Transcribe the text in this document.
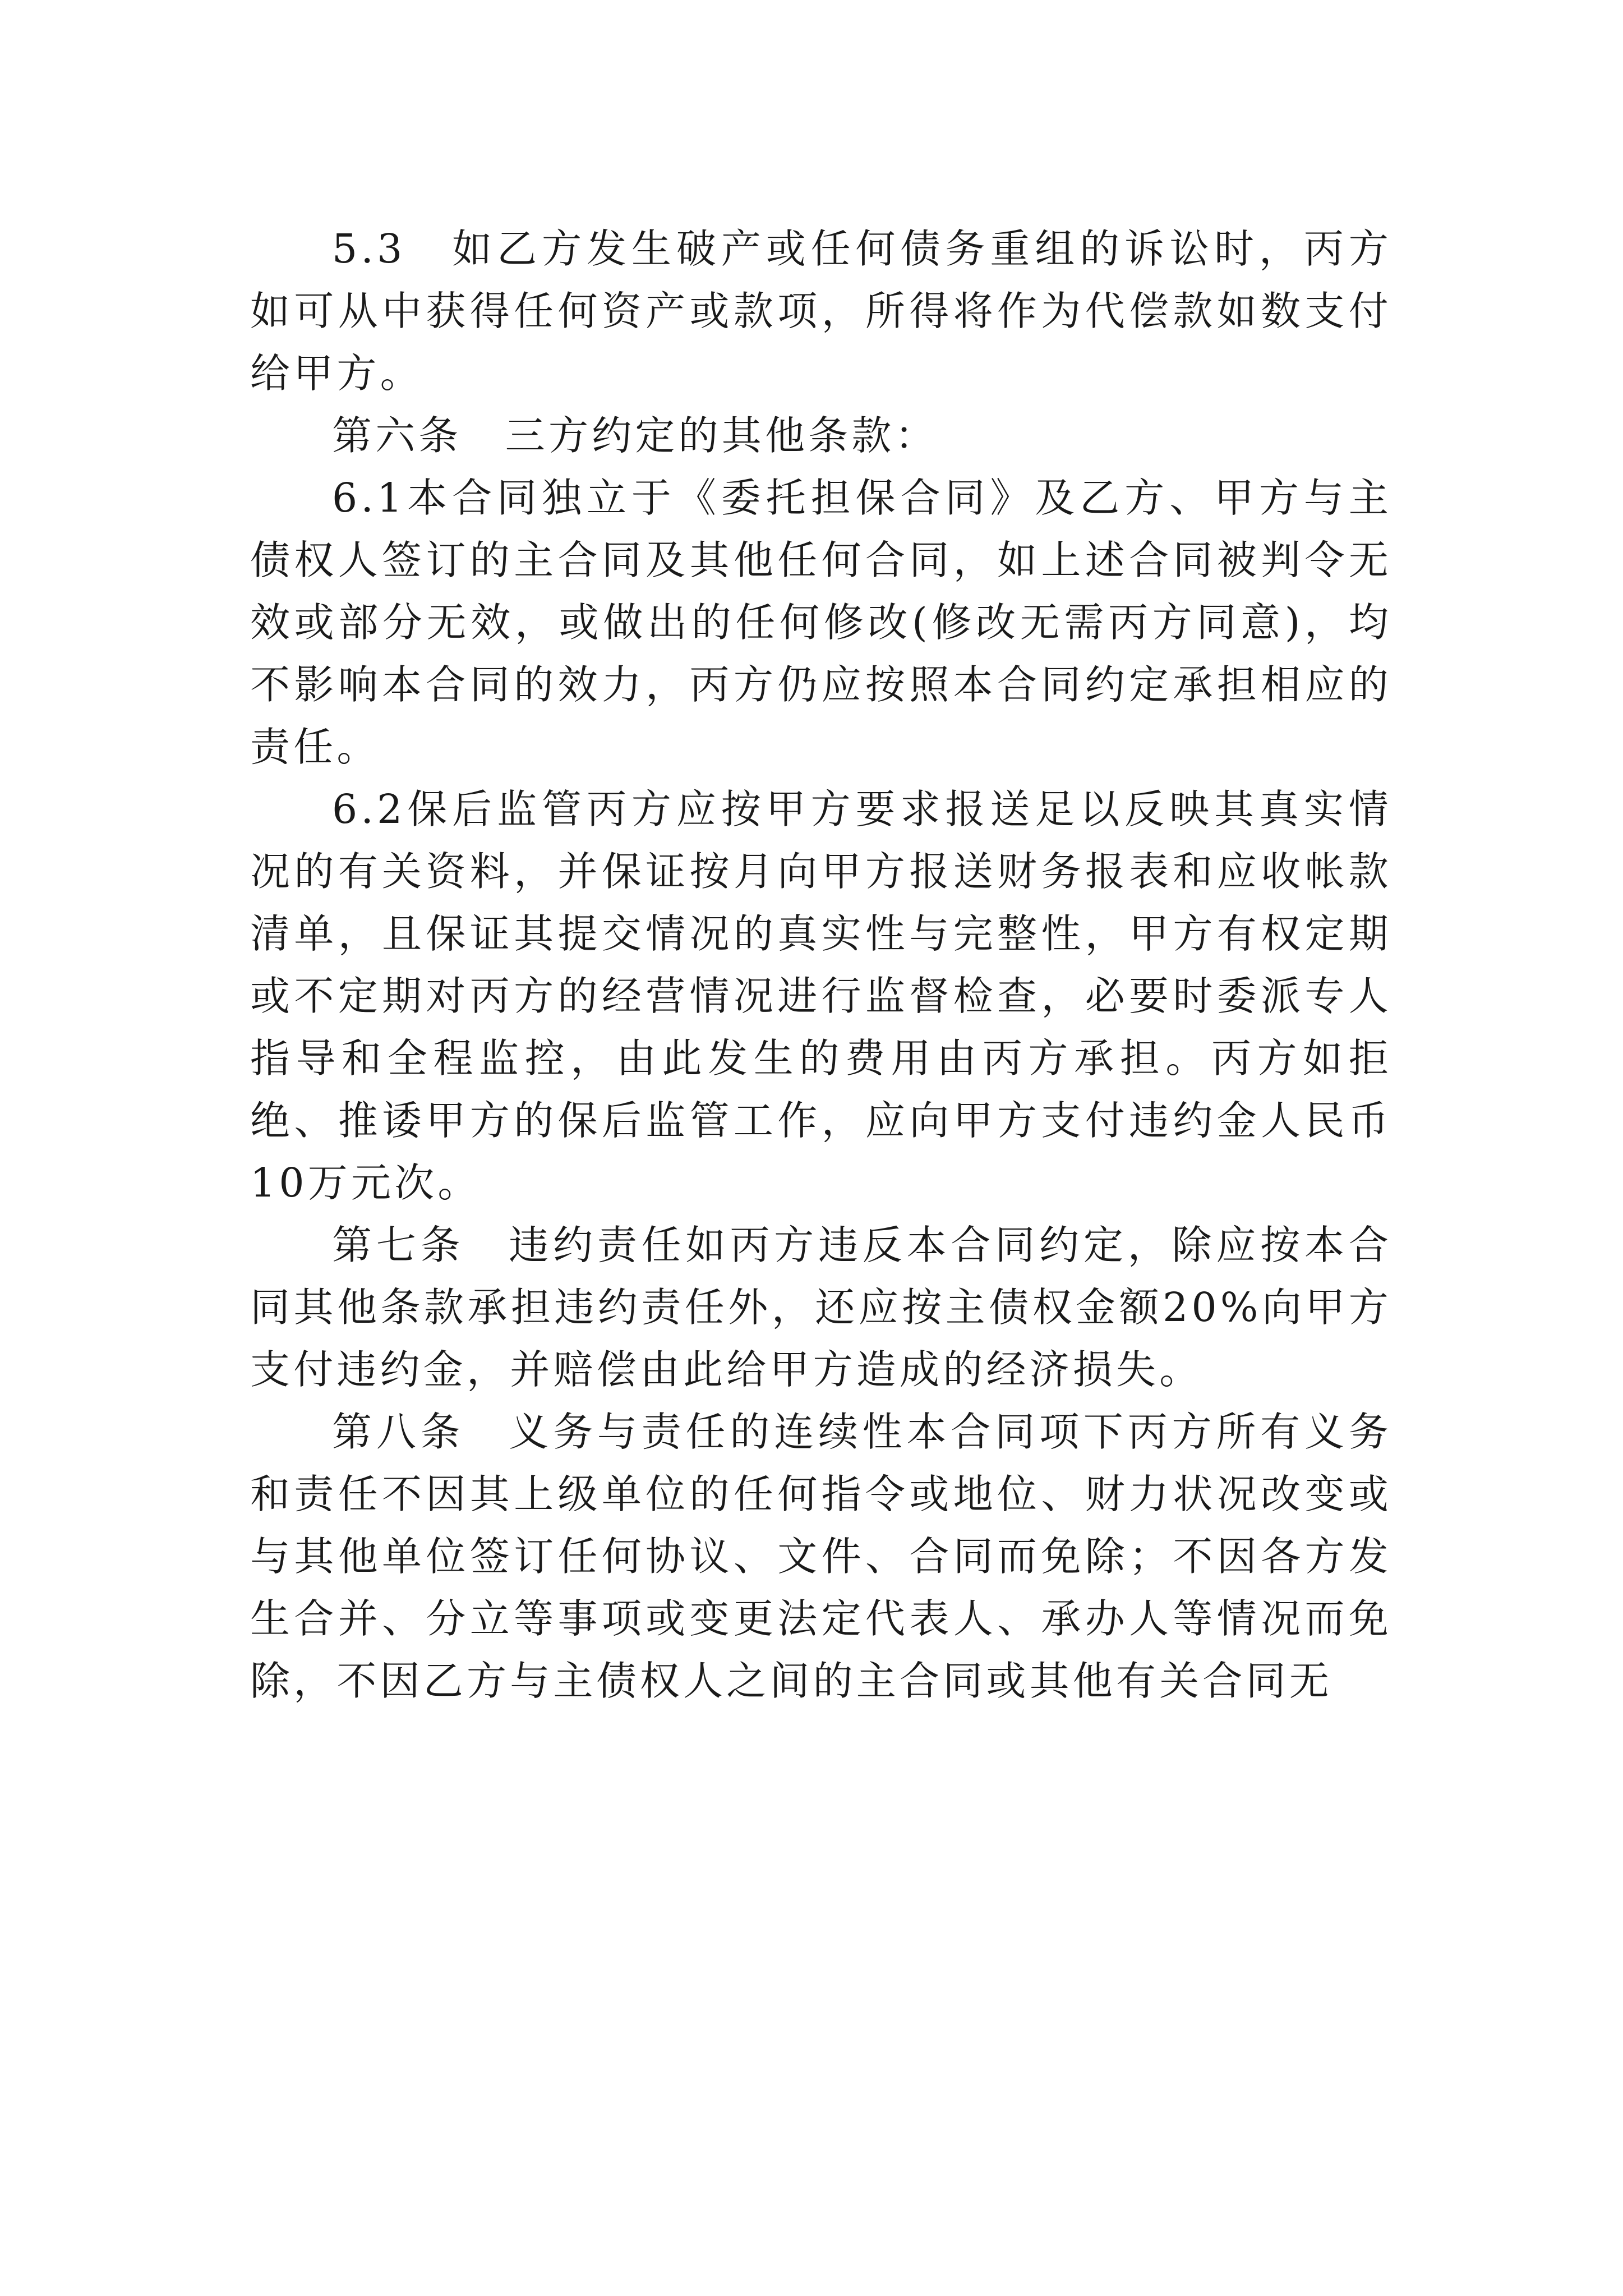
5.3　如乙方发生破产或任何债务重组的诉讼时，丙方如可从中获得任何资产或款项，所得将作为代偿款如数支付给甲方。

第六条　三方约定的其他条款：

6.1本合同独立于《委托担保合同》及乙方、甲方与主债权人签订的主合同及其他任何合同，如上述合同被判令无效或部分无效，或做出的任何修改(修改无需丙方同意)，均不影响本合同的效力，丙方仍应按照本合同约定承担相应的责任。

6.2保后监管丙方应按甲方要求报送足以反映其真实情况的有关资料，并保证按月向甲方报送财务报表和应收帐款清单，且保证其提交情况的真实性与完整性，甲方有权定期或不定期对丙方的经营情况进行监督检查，必要时委派专人指导和全程监控，由此发生的费用由丙方承担。丙方如拒绝、推诿甲方的保后监管工作，应向甲方支付违约金人民币10万元次。

第七条　违约责任如丙方违反本合同约定，除应按本合同其他条款承担违约责任外，还应按主债权金额20%向甲方支付违约金，并赔偿由此给甲方造成的经济损失。

第八条　义务与责任的连续性本合同项下丙方所有义务和责任不因其上级单位的任何指令或地位、财力状况改变或与其他单位签订任何协议、文件、合同而免除；不因各方发生合并、分立等事项或变更法定代表人、承办人等情况而免除，不因乙方与主债权人之间的主合同或其他有关合同无
